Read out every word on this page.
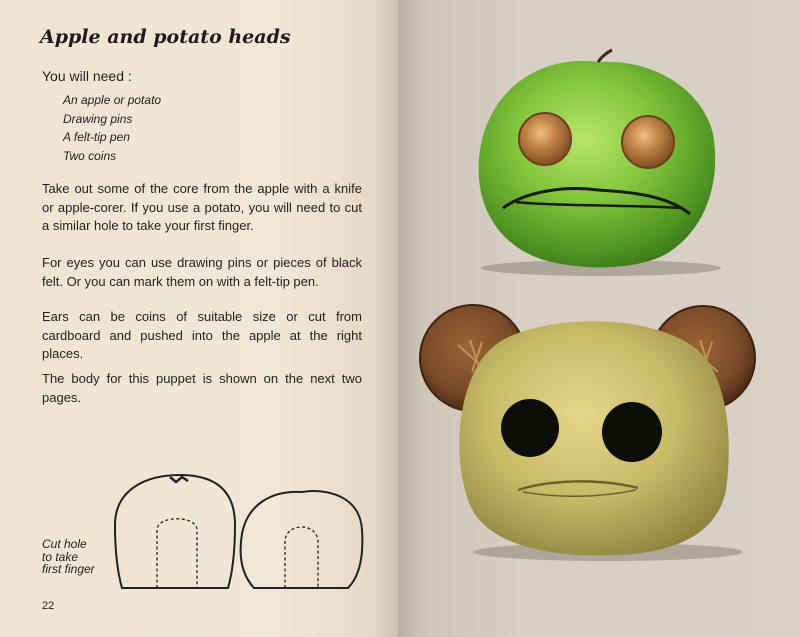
Apple and potato heads
You will need :
An apple or potato
Drawing pins
A felt-tip pen
Two coins

Take out some of the core from the apple with a knife or apple-corer. If you use a potato, you will need to cut a similar hole to take your first finger.

For eyes you can use drawing pins or pieces of black felt. Or you can mark them on with a felt-tip pen.

Ears can be coins of suitable size or cut from cardboard and pushed into the apple at the right places.

The body for this puppet is shown on the next two pages.

Cut hole
to take
first finger
22
